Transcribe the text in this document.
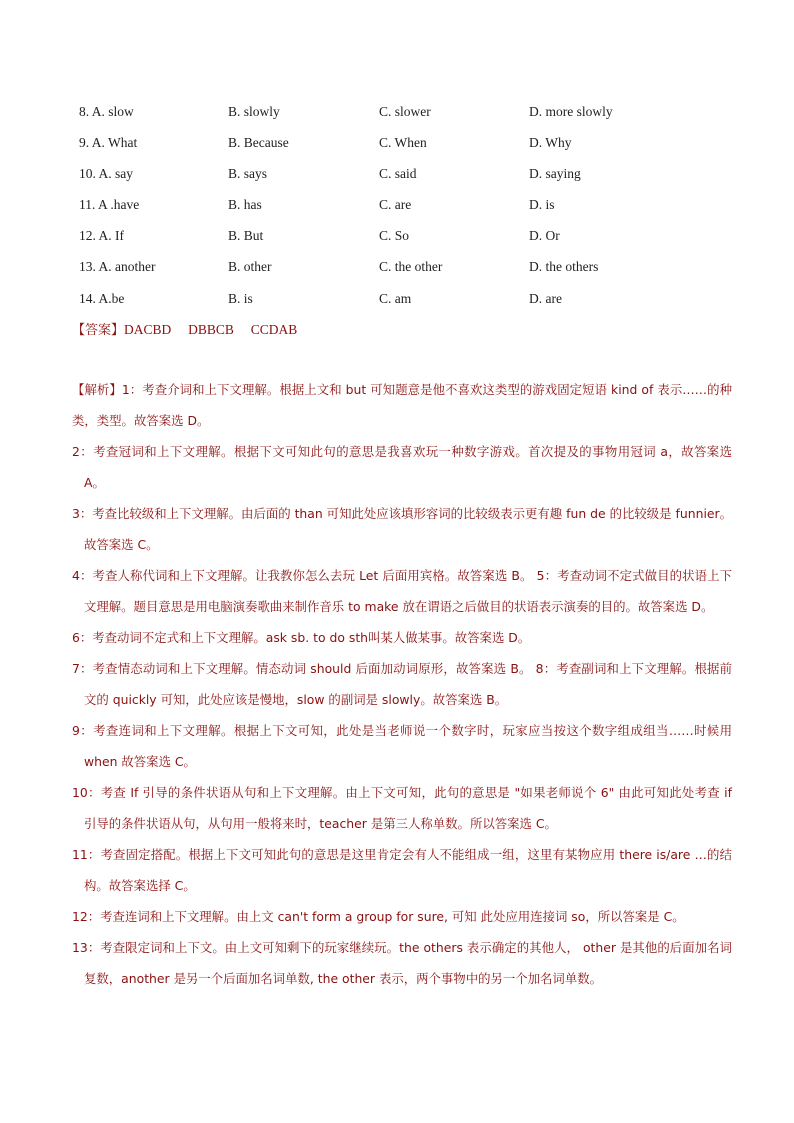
8. A. slow	B. slowly	C. slower	D. more slowly
9. A. What	B. Because	C. When	D. Why
10. A. say	B. says	C. said	D. saying
11. A .have	B. has	C. are	D. is
12. A. If	B. But	C. So	D. Or
13. A. another	B. other	C. the other	D. the others
14. A.be	B. is	C. am	D. are
【答案】DACBD     DBBCB     CCDAB

【解析】1：考查介词和上下文理解。根据上文和 but 可知题意是他不喜欢这类型的游戏固定短语 kind of 表示……的种类，类型。故答案选 D。

2：考查冠词和上下文理解。根据下文可知此句的意思是我喜欢玩一种数字游戏。首次提及的事物用冠词 a，故答案选 A。

3：考查比较级和上下文理解。由后面的 than 可知此处应该填形容词的比较级表示更有趣 fun de 的比较级是 funnier。故答案选 C。

4：考查人称代词和上下文理解。让我教你怎么去玩 Let 后面用宾格。故答案选 B。 5：考查动词不定式做目的状语上下文理解。题目意思是用电脑演奏歌曲来制作音乐 to make 放在谓语之后做目的状语表示演奏的目的。故答案选 D。

6：考查动词不定式和上下文理解。ask sb. to do sth叫某人做某事。故答案选 D。

7：考查情态动词和上下文理解。情态动词 should 后面加动词原形，故答案选 B。 8：考查副词和上下文理解。根据前文的 quickly 可知，此处应该是慢地，slow 的副词是 slowly。故答案选 B。

9：考查连词和上下文理解。根据上下文可知，此处是当老师说一个数字时，玩家应当按这个数字组成组当……时候用 when 故答案选 C。

10：考查 If 引导的条件状语从句和上下文理解。由上下文可知，此句的意思是 "如果老师说个 6" 由此可知此处考查 if 引导的条件状语从句，从句用一般将来时，teacher 是第三人称单数。所以答案选 C。

11：考查固定搭配。根据上下文可知此句的意思是这里肯定会有人不能组成一组，这里有某物应用 there is/are …的结构。故答案选择 C。

12：考查连词和上下文理解。由上文 can't form a group for sure, 可知 此处应用连接词 so，所以答案是 C。

13：考查限定词和上下文。由上文可知剩下的玩家继续玩。the others 表示确定的其他人， other 是其他的后面加名词复数，another 是另一个后面加名词单数, the other 表示，两个事物中的另一个加名词单数。
